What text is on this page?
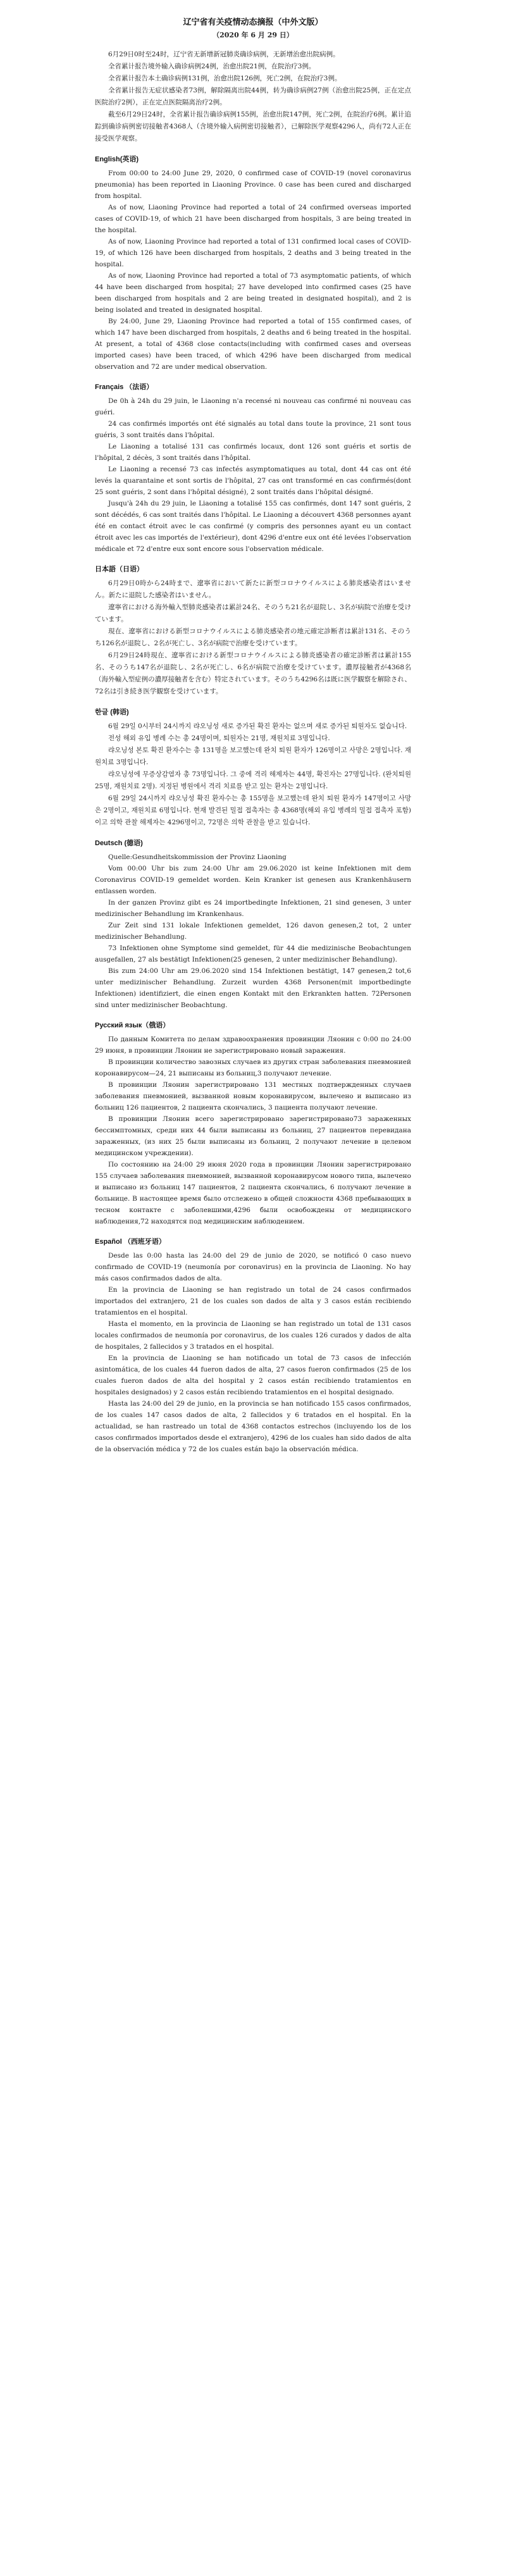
辽宁省有关疫情动态摘报（中外文版）
（2020 年 6 月 29 日）

6月29日0时至24时，辽宁省无新增新冠肺炎确诊病例，无新增治愈出院病例。

全省累计报告境外输入确诊病例24例，治愈出院21例，在院治疗3例。

全省累计报告本土确诊病例131例，治愈出院126例，死亡2例，在院治疗3例。

全省累计报告无症状感染者73例，解除隔离出院44例，转为确诊病例27例（治愈出院25例，正在定点医院治疗2例），正在定点医院隔离治疗2例。

截至6月29日24时，全省累计报告确诊病例155例，治愈出院147例，死亡2例，在院治疗6例。累计追踪到确诊病例密切接触者4368人（含境外输入病例密切接触者），已解除医学观察4296人，尚有72人正在接受医学观察。

English(英语)

From 00:00 to 24:00 June 29, 2020, 0 confirmed case of COVID-19 (novel coronavirus pneumonia) has been reported in Liaoning Province. 0 case has been cured and discharged from hospital.

As of now, Liaoning Province had reported a total of 24 confirmed overseas imported cases of COVID-19, of which 21 have been discharged from hospitals, 3 are being treated in the hospital.

As of now, Liaoning Province had reported a total of 131 confirmed local cases of COVID-19, of which 126 have been discharged from hospitals, 2 deaths and 3 being treated in the hospital.

As of now, Liaoning Province had reported a total of 73 asymptomatic patients, of which 44 have been discharged from hospital; 27 have developed into confirmed cases (25 have been discharged from hospitals and 2 are being treated in designated hospital), and 2 is being isolated and treated in designated hospital.

By 24:00, June 29, Liaoning Province had reported a total of 155 confirmed cases, of which 147 have been discharged from hospitals, 2 deaths and 6 being treated in the hospital. At present, a total of 4368 close contacts(including with confirmed cases and overseas imported cases) have been traced, of which 4296 have been discharged from medical observation and 72 are under medical observation.

Français （法语）

De 0h à 24h du 29 juin, le Liaoning n'a recensé ni nouveau cas confirmé ni nouveau cas guéri.

24 cas confirmés importés ont été signalés au total dans toute la province, 21 sont tous guéris, 3 sont traités dans l'hôpital.

Le Liaoning a totalisé 131 cas confirmés locaux, dont 126 sont guéris et sortis de l'hôpital, 2 décès, 3 sont traités dans l'hôpital.

Le Liaoning a recensé 73 cas infectés asymptomatiques au total, dont 44 cas ont été levés la quarantaine et sont sortis de l'hôpital, 27 cas ont transformé en cas confirmés(dont 25 sont guéris, 2 sont dans l'hôpital désigné), 2 sont traités dans l'hôpital désigné.

Jusqu'à 24h du 29 juin, le Liaoning a totalisé 155 cas confirmés, dont 147 sont guéris, 2 sont décédés, 6 cas sont traités dans l'hôpital. Le Liaoning a découvert 4368 personnes ayant été en contact étroit avec le cas confirmé (y compris des personnes ayant eu un contact étroit avec les cas importés de l'extérieur), dont 4296 d'entre eux ont été levées l'observation médicale et 72 d'entre eux sont encore sous l'observation médicale.

日本語（日语）

6月29日0時から24時まで、遼寧省において新たに新型コロナウイルスによる肺炎感染者はいません。新たに退院した感染者はいません。

遼寧省における海外輸入型肺炎感染者は累計24名、そのうち21名が退院し、3名が病院で治療を受けています。

現在、遼寧省における新型コロナウイルスによる肺炎感染者の地元確定診断者は累計131名、そのうち126名が退院し、2名が死亡し、3名が病院で治療を受けています。

6月29日24時現在、遼寧省における新型コロナウイルスによる肺炎感染者の確定診断者は累計155名、そのうち147名が退院し、2名が死亡し、6名が病院で治療を受けています。濃厚接触者が4368名（海外輸入型症例の濃厚接触者を含む）特定されています。そのうち4296名は既に医学観察を解除され、72名は引き続き医学観察を受けています。

한글 (韩语)

6월 29일 0시부터 24시까지 랴오닝성 새로 증가된 확진 환자는 없으며 새로 증가된 퇴원자도 없습니다.

전성 해외 유입 병례 수는 총 24명이며, 퇴원자는 21명, 재원치료 3명입니다.

랴오닝성 본토 확진 환자수는 총 131명을 보고했는데 완치 퇴원 환자가 126명이고 사망은 2명입니다. 재원치료 3명입니다.

랴오닝성에 무증상감염자 총 73명입니다. 그 중에 격리 해제자는 44명, 확진자는 27명입니다. (완치퇴원 25명, 재원치료 2명). 지정된 병원에서 격리 치료를 받고 있는 환자는 2명입니다.

6월 29일 24시까지 랴오닝성 확진 환자수는 총 155명을 보고했는데 완치 퇴원 환자가 147명이고 사망은 2명이고, 재원치료 6명입니다. 현재 발견된 밀접 접촉자는 총 4368명(해외 유입 병례의 밀접 접촉자 포함)이고 의학 관찰 해제자는 4296명이고, 72명은 의학 관찰을 받고 있습니다.

Deutsch (德语)

Quelle:Gesundheitskommission der Provinz Liaoning

Vom 00:00 Uhr bis zum 24:00 Uhr am 29.06.2020 ist keine Infektionen mit dem Coronavirus COVID-19 gemeldet worden. Kein Kranker ist genesen aus Krankenhäusern entlassen worden.

In der ganzen Provinz gibt es 24 importbedingte Infektionen, 21 sind genesen, 3 unter medizinischer Behandlung im Krankenhaus.

Zur Zeit sind 131 lokale Infektionen gemeldet, 126 davon genesen,2 tot, 2 unter medizinischer Behandlung.

73 Infektionen ohne Symptome sind gemeldet, für 44 die medizinische Beobachtungen ausgefallen, 27 als bestätigt Infektionen(25 genesen, 2 unter medizinischer Behandlung).

Bis zum 24:00 Uhr am 29.06.2020 sind 154 Infektionen bestätigt, 147 genesen,2 tot,6 unter medizinischer Behandlung. Zurzeit wurden 4368 Personen(mit importbedingte Infektionen) identifiziert, die einen engen Kontakt mit den Erkrankten hatten. 72Personen sind unter medizinischer Beobachtung.

Русский язык（俄语）

По данным Комитета по делам здравоохранения провинции Ляонин с 0:00 по 24:00 29 июня, в провинции Ляонин не зарегистрировано новый заражения.

В провинции количество завозных случаев из других стран заболевания пневмонией коронавирусом—24, 21 выписаны из больниц,3 получают лечение.

В провинции Ляонин зарегистрировано 131 местных подтвержденных случаев заболевания пневмонией, вызванной новым коронавирусом, вылечено и выписано из больниц 126 пациентов, 2 пациента скончались, 3 пациента получают лечение.

В провинции Ляонин всего зарегистрировано зарегистрировано73 зараженных бессимптомных, среди них 44 были выписаны из больниц, 27 пациентов перевидана зараженных, (из них 25 были выписаны из больниц, 2 получают лечение в целевом медицинском учреждении).

По состоянию на 24:00 29 июня 2020 года в провинции Ляонин зарегистрировано 155 случаев заболевания пневмонией, вызванной коронавирусом нового типа, вылечено и выписано из больниц 147 пациентов, 2 пациента скончались, 6 получают лечение в больнице. В настоящее время было отслежено в общей сложности 4368 пребывающих в тесном контакте с заболевшими,4296 были освобождены от медицинского наблюдения,72 находятся под медицинским наблюдением.

Español （西班牙语）

Desde las 0:00 hasta las 24:00 del 29 de junio de 2020, se notificó 0 caso nuevo confirmado de COVID-19 (neumonía por coronavirus) en la provincia de Liaoning. No hay más casos confirmados dados de alta.

En la provincia de Liaoning se han registrado un total de 24 casos confirmados importados del extranjero, 21 de los cuales son dados de alta y 3 casos están recibiendo tratamientos en el hospital.

Hasta el momento, en la provincia de Liaoning se han registrado un total de 131 casos locales confirmados de neumonía por coronavirus, de los cuales 126 curados y dados de alta de hospitales, 2 fallecidos y 3 tratados en el hospital.

En la provincia de Liaoning se han notificado un total de 73 casos de infección asintomática, de los cuales 44 fueron dados de alta, 27 casos fueron confirmados (25 de los cuales fueron dados de alta del hospital y 2 casos están recibiendo tratamientos en hospitales designados) y 2 casos están recibiendo tratamientos en el hospital designado.

Hasta las 24:00 del 29 de junio, en la provincia se han notificado 155 casos confirmados, de los cuales 147 casos dados de alta, 2 fallecidos y 6 tratados en el hospital. En la actualidad, se han rastreado un total de 4368 contactos estrechos (incluyendo los de los casos confirmados importados desde el extranjero), 4296 de los cuales han sido dados de alta de la observación médica y 72 de los cuales están bajo la observación médica.
